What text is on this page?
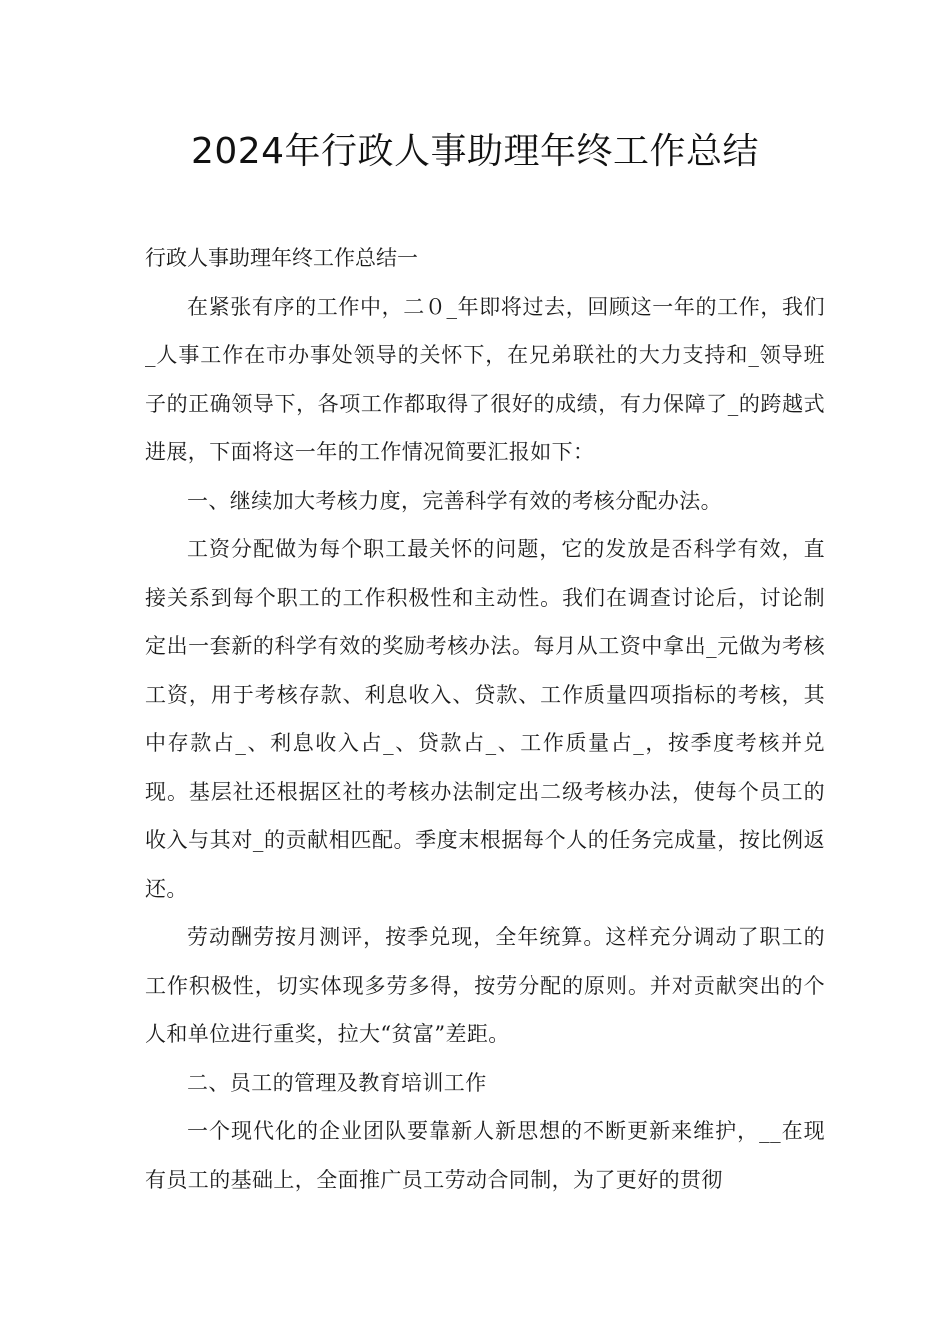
2024年行政人事助理年终工作总结

行政人事助理年终工作总结一

在紧张有序的工作中，二０_年即将过去，回顾这一年的工作，我们_人事工作在市办事处领导的关怀下，在兄弟联社的大力支持和_领导班子的正确领导下，各项工作都取得了很好的成绩，有力保障了_的跨越式进展，下面将这一年的工作情况简要汇报如下：

一、继续加大考核力度，完善科学有效的考核分配办法。

工资分配做为每个职工最关怀的问题，它的发放是否科学有效，直接关系到每个职工的工作积极性和主动性。我们在调查讨论后，讨论制定出一套新的科学有效的奖励考核办法。每月从工资中拿出_元做为考核工资，用于考核存款、利息收入、贷款、工作质量四项指标的考核，其中存款占_、利息收入占_、贷款占_、工作质量占_，按季度考核并兑现。基层社还根据区社的考核办法制定出二级考核办法，使每个员工的收入与其对_的贡献相匹配。季度末根据每个人的任务完成量，按比例返还。

劳动酬劳按月测评，按季兑现，全年统算。这样充分调动了职工的工作积极性，切实体现多劳多得，按劳分配的原则。并对贡献突出的个人和单位进行重奖，拉大“贫富”差距。

二、员工的管理及教育培训工作

一个现代化的企业团队要靠新人新思想的不断更新来维护，__在现有员工的基础上，全面推广员工劳动合同制，为了更好的贯彻
